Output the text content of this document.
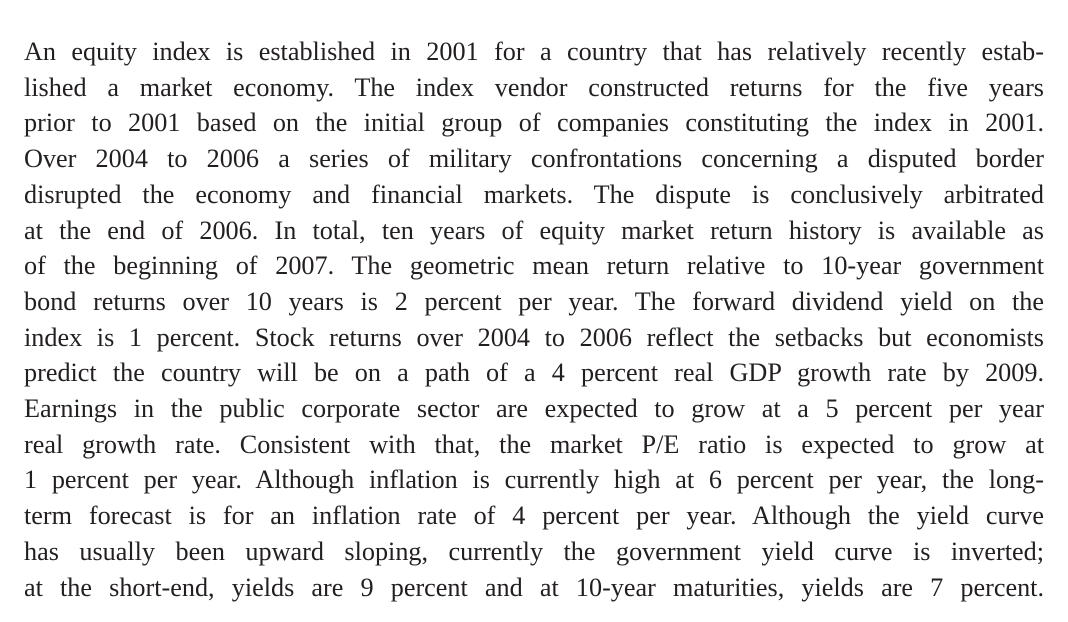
An equity index is established in 2001 for a country that has relatively recently estab-
lished a market economy. The index vendor constructed returns for the five years
prior to 2001 based on the initial group of companies constituting the index in 2001.
Over 2004 to 2006 a series of military confrontations concerning a disputed border
disrupted the economy and financial markets. The dispute is conclusively arbitrated
at the end of 2006. In total, ten years of equity market return history is available as
of the beginning of 2007. The geometric mean return relative to 10-year government
bond returns over 10 years is 2 percent per year. The forward dividend yield on the
index is 1 percent. Stock returns over 2004 to 2006 reflect the setbacks but economists
predict the country will be on a path of a 4 percent real GDP growth rate by 2009.
Earnings in the public corporate sector are expected to grow at a 5 percent per year
real growth rate. Consistent with that, the market P/E ratio is expected to grow at
1 percent per year. Although inflation is currently high at 6 percent per year, the long-
term forecast is for an inflation rate of 4 percent per year. Although the yield curve
has usually been upward sloping, currently the government yield curve is inverted;
at the short-end, yields are 9 percent and at 10-year maturities, yields are 7 percent.
